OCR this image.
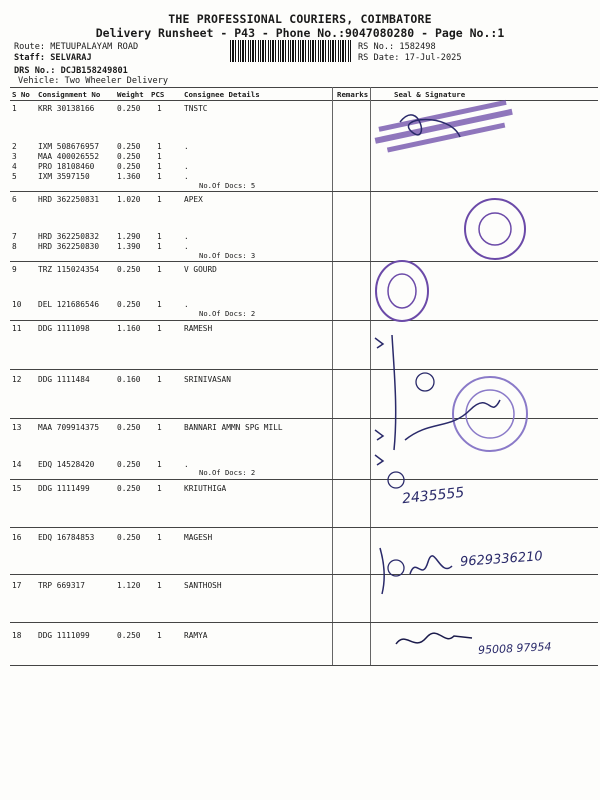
THE PROFESSIONAL COURIERS, COIMBATORE
Delivery Runsheet - P43 - Phone No.:9047080280 - Page No.:1
Route: METUUPALAYAM ROAD
Staff: SELVARAJ
DRS No.: DCJB158249801
Vehicle: Two Wheeler Delivery
RS No.: 1582498
RS Date: 17-Jul-2025
S No Consignment No Weight PCS	Consignee Details	Remarks	Seal & Signature
1	KRR 30138166	0.250 1	TNSTC
2	IXM 508676957 0.250 1	.
3	MAA 400026552 0.250 1
4	PRO 18108460	0.250 1	.
5	IXM 3597150	1.360 1	.
No.Of Docs: 5
6	HRD 362250831 1.020 1	APEX
7	HRD 362250832 1.290 1	.
8	HRD 362250830 1.390 1	.
No.Of Docs: 3
9	TRZ 115024354 0.250 1	V GOURD
10 DEL 121686546 0.250 1	.
No.Of Docs: 2
11 DDG 1111098	1.160 1	RAMESH
12 DDG 1111484	0.160 1	SRINIVASAN
13 MAA 709914375 0.250 1	BANNARI AMMN SPG MILL
14 EDQ 14528420	0.250 1	.
No.Of Docs: 2
15 DDG 1111499	0.250 1	KRIUTHIGA
16 EDQ 16784853	0.250 1	MAGESH
17 TRP 669317	1.120 1	SANTHOSH
18 DDG 1111099	0.250 1	RAMYA
2435555
9629336210
95008 97954
